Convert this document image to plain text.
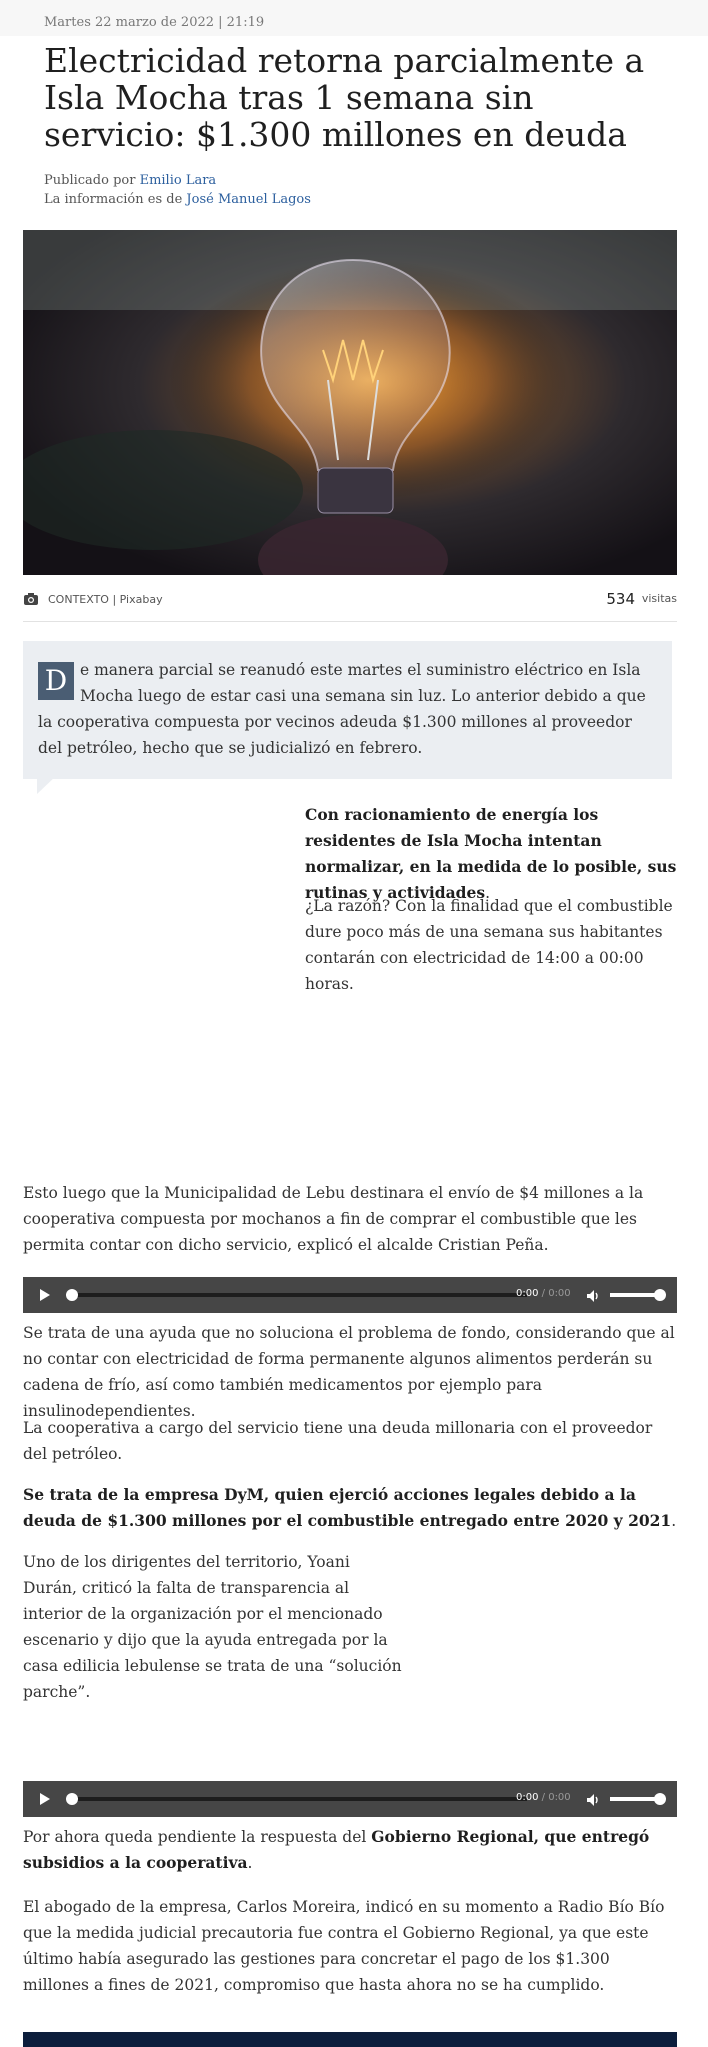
Martes 22 marzo de 2022 | 21:19
Electricidad retorna parcialmente a Isla Mocha tras 1 semana sin servicio: $1.300 millones en deuda
Publicado por Emilio Lara
La información es de José Manuel Lagos
CONTEXTO | Pixabay	534 visitas
D e manera parcial se reanudó este martes el suministro eléctrico en Isla Mocha luego de estar casi una semana sin luz. Lo anterior debido a que la cooperativa compuesta por vecinos adeuda $1.300 millones al proveedor del petróleo, hecho que se judicializó en febrero.

Con racionamiento de energía los residentes de Isla Mocha intentan normalizar, en la medida de lo posible, sus rutinas y actividades.

¿La razón? Con la finalidad que el combustible dure poco más de una semana sus habitantes contarán con electricidad de 14:00 a 00:00 horas.

Esto luego que la Municipalidad de Lebu destinara el envío de $4 millones a la cooperativa compuesta por mochanos a fin de comprar el combustible que les permita contar con dicho servicio, explicó el alcalde Cristian Peña.

0:00 / 0:00

Se trata de una ayuda que no soluciona el problema de fondo, considerando que al no contar con electricidad de forma permanente algunos alimentos perderán su cadena de frío, así como también medicamentos por ejemplo para insulinodependientes.

La cooperativa a cargo del servicio tiene una deuda millonaria con el proveedor del petróleo.

Se trata de la empresa DyM, quien ejerció acciones legales debido a la deuda de $1.300 millones por el combustible entregado entre 2020 y 2021.

Uno de los dirigentes del territorio, Yoani Durán, criticó la falta de transparencia al interior de la organización por el mencionado escenario y dijo que la ayuda entregada por la casa edilicia lebulense se trata de una “solución parche”.

0:00 / 0:00

Por ahora queda pendiente la respuesta del Gobierno Regional, que entregó subsidios a la cooperativa.

El abogado de la empresa, Carlos Moreira, indicó en su momento a Radio Bío Bío que la medida judicial precautoria fue contra el Gobierno Regional, ya que este último había asegurado las gestiones para concretar el pago de los $1.300 millones a fines de 2021, compromiso que hasta ahora no se ha cumplido.
